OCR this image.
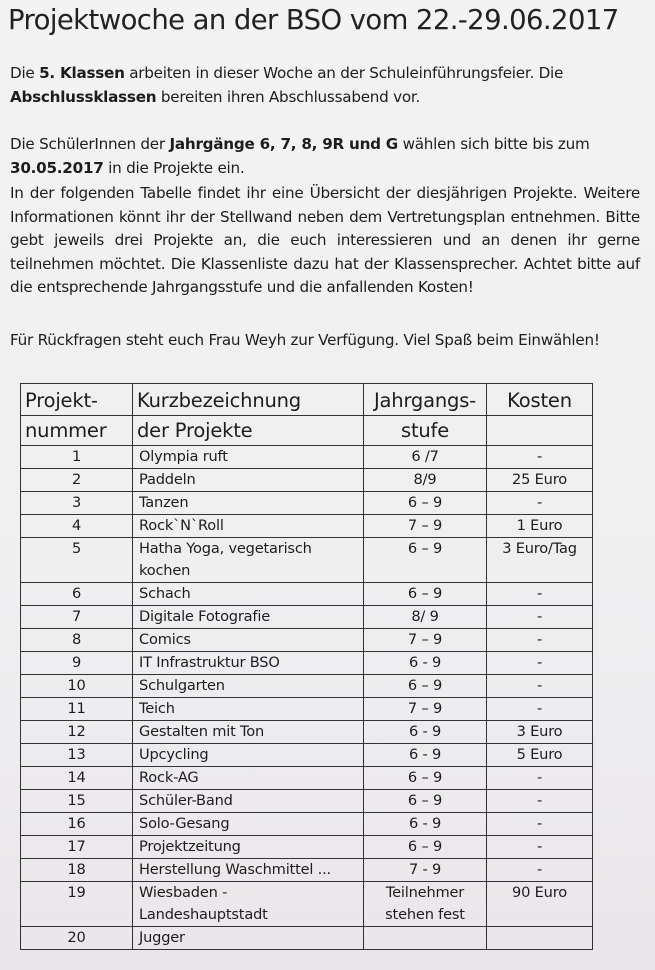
Projektwoche an der BSO vom 22.-29.06.2017

Die 5. Klassen arbeiten in dieser Woche an der Schuleinführungsfeier. Die
Abschlussklassen bereiten ihren Abschlussabend vor.

Die SchülerInnen der Jahrgänge 6, 7, 8, 9R und G wählen sich bitte bis zum
30.05.2017 in die Projekte ein.

In der folgenden Tabelle findet ihr eine Übersicht der diesjährigen Projekte. Weitere Informationen könnt ihr der Stellwand neben dem Vertretungsplan entnehmen. Bitte gebt jeweils drei Projekte an, die euch interessieren und an denen ihr gerne teilnehmen möchtet. Die Klassenliste dazu hat der Klassensprecher. Achtet bitte auf die entsprechende Jahrgangsstufe und die anfallenden Kosten!

Für Rückfragen steht euch Frau Weyh zur Verfügung. Viel Spaß beim Einwählen!

Projekt-	Kurzbezeichnung	Jahrgangs-	Kosten
nummer	der Projekte	stufe	
1	Olympia ruft	6 /7	-
2	Paddeln	8/9	25 Euro
3	Tanzen	6 – 9	-
4	Rock`N`Roll	7 – 9	1 Euro
5	Hatha Yoga, vegetarisch kochen	6 – 9	3 Euro/Tag
6	Schach	6 – 9	-
7	Digitale Fotografie	8/ 9	-
8	Comics	7 – 9	-
9	IT Infrastruktur BSO	6 - 9	-
10	Schulgarten	6 – 9	-
11	Teich	7 – 9	-
12	Gestalten mit Ton	6 - 9	3 Euro
13	Upcycling	6 - 9	5 Euro
14	Rock-AG	6 – 9	-
15	Schüler-Band	6 – 9	-
16	Solo-Gesang	6 - 9	-
17	Projektzeitung	6 – 9	-
18	Herstellung Waschmittel ...	7 - 9	-
19	Wiesbaden - Landeshauptstadt	Teilnehmer stehen fest	90 Euro
20	Jugger		
